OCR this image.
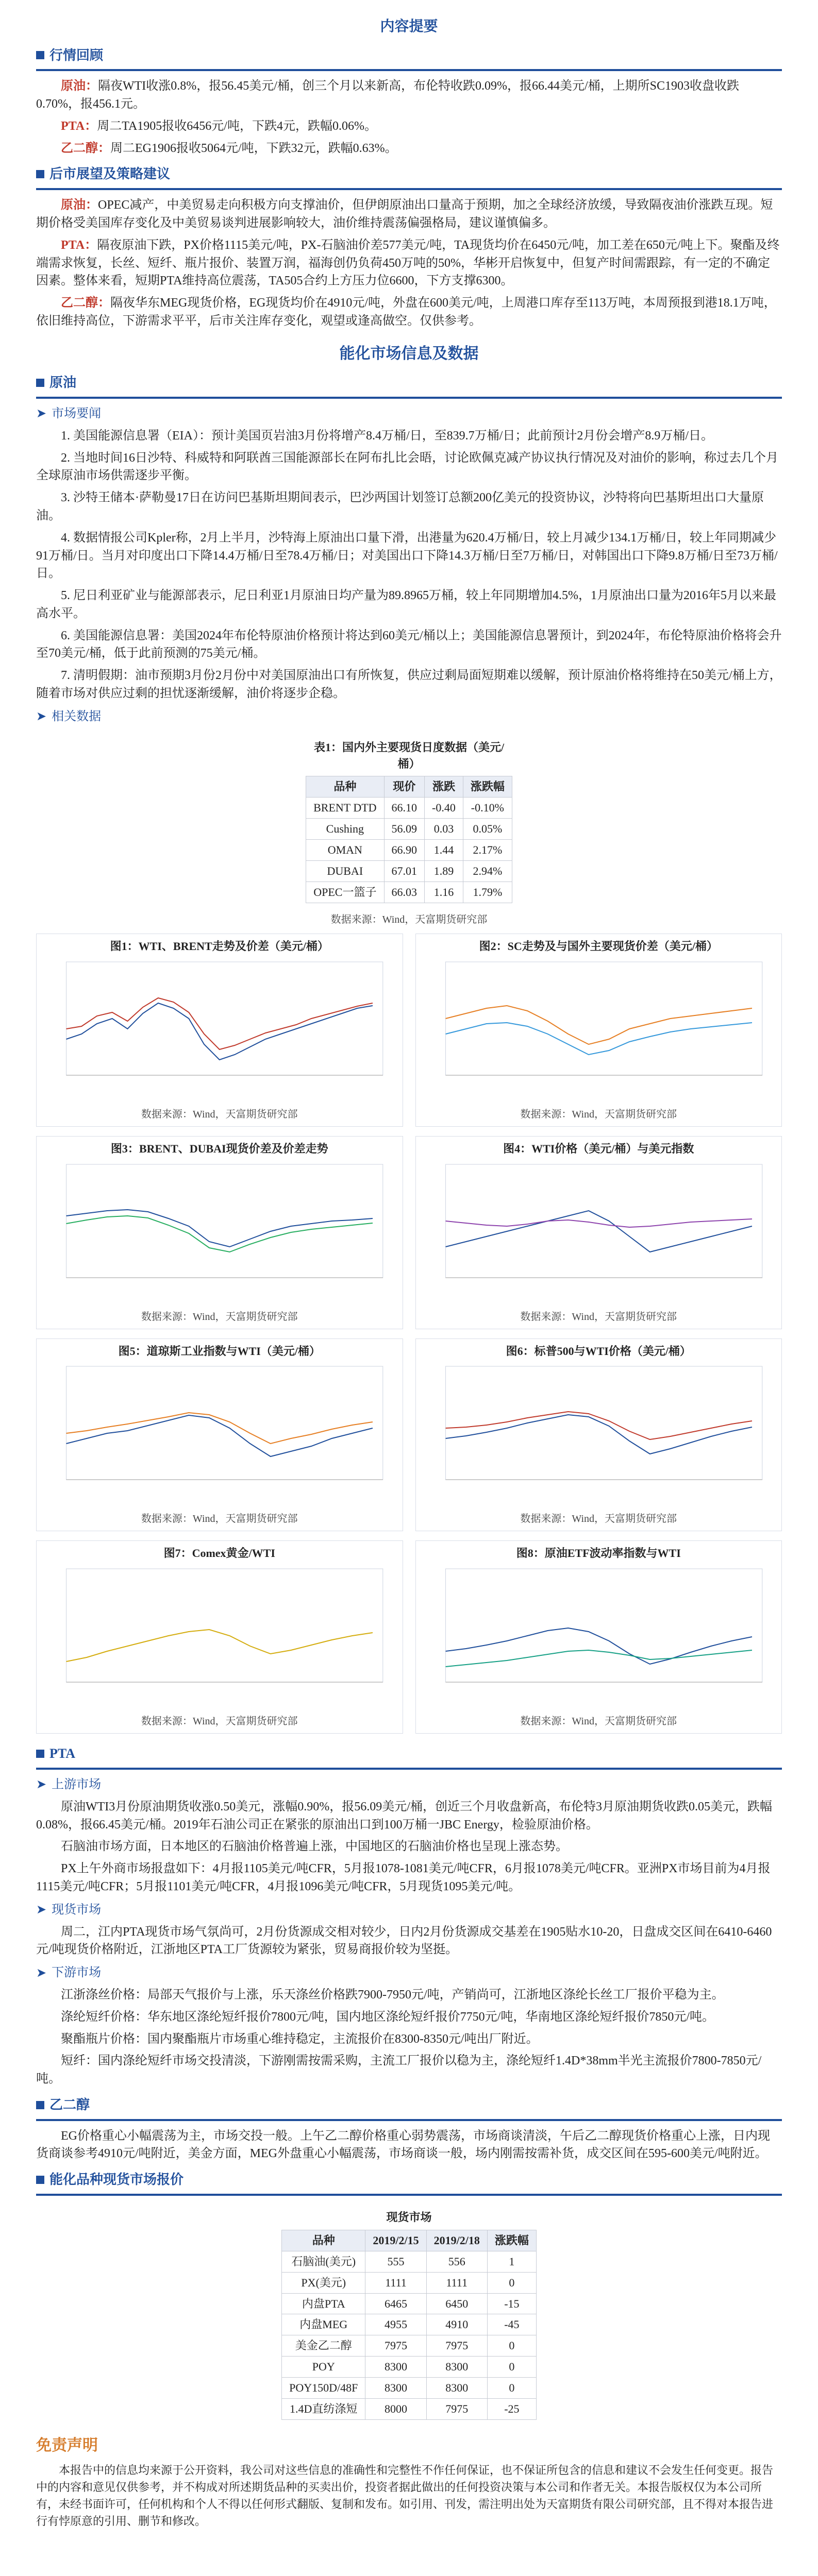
内容提要
行情回顾

原油：隔夜WTI收涨0.8%，报56.45美元/桶，创三个月以来新高，布伦特收跌0.09%，报66.44美元/桶，上期所SC1903收盘收跌0.70%，报456.1元。

PTA：周二TA1905报收6456元/吨，下跌4元，跌幅0.06%。

乙二醇：周二EG1906报收5064元/吨，下跌32元，跌幅0.63%。

后市展望及策略建议

原油：OPEC减产，中美贸易走向积极方向支撑油价，但伊朗原油出口量高于预期，加之全球经济放缓，导致隔夜油价涨跌互现。短期价格受美国库存变化及中美贸易谈判进展影响较大，油价维持震荡偏强格局，建议谨慎偏多。

PTA：隔夜原油下跌，PX价格1115美元/吨，PX-石脑油价差577美元/吨，TA现货均价在6450元/吨，加工差在650元/吨上下。聚酯及终端需求恢复，长丝、短纤、瓶片报价、装置万润，福海创仍负荷450万吨的50%，华彬开启恢复中，但复产时间需跟踪，有一定的不确定因素。整体来看，短期PTA维持高位震荡，TA505合约上方压力位6600，下方支撑6300。

乙二醇：隔夜华东MEG现货价格，EG现货均价在4910元/吨，外盘在600美元/吨，上周港口库存至113万吨，本周预报到港18.1万吨，依旧维持高位，下游需求平平，后市关注库存变化，观望或逢高做空。仅供参考。

能化市场信息及数据
原油
➤ 市场要闻

1. 美国能源信息署（EIA）：预计美国页岩油3月份将增产8.4万桶/日，至839.7万桶/日；此前预计2月份会增产8.9万桶/日。

2. 当地时间16日沙特、科威特和阿联酋三国能源部长在阿布扎比会晤，讨论欧佩克减产协议执行情况及对油价的影响，称过去几个月全球原油市场供需逐步平衡。

3. 沙特王储本·萨勒曼17日在访问巴基斯坦期间表示，巴沙两国计划签订总额200亿美元的投资协议，沙特将向巴基斯坦出口大量原油。

4. 数据情报公司Kpler称，2月上半月，沙特海上原油出口量下滑，出港量为620.4万桶/日，较上月减少134.1万桶/日，较上年同期减少91万桶/日。当月对印度出口下降14.4万桶/日至78.4万桶/日；对美国出口下降14.3万桶/日至7万桶/日，对韩国出口下降9.8万桶/日至73万桶/日。

5. 尼日利亚矿业与能源部表示，尼日利亚1月原油日均产量为89.8965万桶，较上年同期增加4.5%，1月原油出口量为2016年5月以来最高水平。

6. 美国能源信息署：美国2024年布伦特原油价格预计将达到60美元/桶以上；美国能源信息署预计，到2024年，布伦特原油价格将会升至70美元/桶，低于此前预测的75美元/桶。

7. 清明假期：油市预期3月份2月份中对美国原油出口有所恢复，供应过剩局面短期难以缓解，预计原油价格将维持在50美元/桶上方，随着市场对供应过剩的担忧逐渐缓解，油价将逐步企稳。

➤ 相关数据
表1：国内外主要现货日度数据（美元/桶）
品种	现价	涨跌	涨跌幅
BRENT DTD	66.10	-0.40	-0.10%
Cushing	56.09	0.03	0.05%
OMAN	66.90	1.44	2.17%
DUBAI	67.01	1.89	2.94%
OPEC一篮子	66.03	1.16	1.79%
数据来源：Wind，天富期货研究部
图1：WTI、BRENT走势及价差（美元/桶）
数据来源：Wind，天富期货研究部
图2：SC走势及与国外主要现货价差（美元/桶）
数据来源：Wind，天富期货研究部
图3：BRENT、DUBAI现货价差及价差走势
数据来源：Wind，天富期货研究部
图4：WTI价格（美元/桶）与美元指数
数据来源：Wind，天富期货研究部
图5：道琼斯工业指数与WTI（美元/桶）
数据来源：Wind，天富期货研究部
图6：标普500与WTI价格（美元/桶）
数据来源：Wind，天富期货研究部
图7：Comex黄金/WTI
数据来源：Wind，天富期货研究部
图8：原油ETF波动率指数与WTI
数据来源：Wind，天富期货研究部
PTA
➤ 上游市场

原油WTI3月份原油期货收涨0.50美元，涨幅0.90%，报56.09美元/桶，创近三个月收盘新高，布伦特3月原油期货收跌0.05美元，跌幅0.08%，报66.45美元/桶。2019年石油公司正在紧张的原油出口到100万桶一JBC Energy，检验原油价格。

石脑油市场方面，日本地区的石脑油价格普遍上涨，中国地区的石脑油价格也呈现上涨态势。

PX上午外商市场报盘如下：4月报1105美元/吨CFR，5月报1078-1081美元/吨CFR，6月报1078美元/吨CFR。亚洲PX市场目前为4月报1115美元/吨CFR；5月报1101美元/吨CFR，4月报1096美元/吨CFR，5月现货1095美元/吨。

➤ 现货市场

周二，江内PTA现货市场气氛尚可，2月份货源成交相对较少，日内2月份货源成交基差在1905贴水10-20，日盘成交区间在6410-6460元/吨现货价格附近，江浙地区PTA工厂货源较为紧张，贸易商报价较为坚挺。

➤ 下游市场

江浙涤丝价格：局部天气报价与上涨，乐天涤丝价格跌7900-7950元/吨，产销尚可，江浙地区涤纶长丝工厂报价平稳为主。

涤纶短纤价格：华东地区涤纶短纤报价7800元/吨，国内地区涤纶短纤报价7750元/吨，华南地区涤纶短纤报价7850元/吨。

聚酯瓶片价格：国内聚酯瓶片市场重心维持稳定，主流报价在8300-8350元/吨出厂附近。

短纤：国内涤纶短纤市场交投清淡，下游刚需按需采购，主流工厂报价以稳为主，涤纶短纤1.4D*38mm半光主流报价7800-7850元/吨。

乙二醇

EG价格重心小幅震荡为主，市场交投一般。上午乙二醇价格重心弱势震荡，市场商谈清淡，午后乙二醇现货价格重心上涨，日内现货商谈参考4910元/吨附近，美金方面，MEG外盘重心小幅震荡，市场商谈一般，场内刚需按需补货，成交区间在595-600美元/吨附近。

能化品种现货市场报价
现货市场
品种	2019/2/15	2019/2/18	涨跌幅
石脑油(美元)	555	556	1
PX(美元)	1111	1111	0
内盘PTA	6465	6450	-15
内盘MEG	4955	4910	-45
美金乙二醇	7975	7975	0
POY	8300	8300	0
POY150D/48F	8300	8300	0
1.4D直纺涤短	8000	7975	-25
免责声明
本报告中的信息均来源于公开资料，我公司对这些信息的准确性和完整性不作任何保证，也不保证所包含的信息和建议不会发生任何变更。报告中的内容和意见仅供参考，并不构成对所述期货品种的买卖出价，投资者据此做出的任何投资决策与本公司和作者无关。本报告版权仅为本公司所有，未经书面许可，任何机构和个人不得以任何形式翻版、复制和发布。如引用、刊发，需注明出处为天富期货有限公司研究部，且不得对本报告进行有悖原意的引用、删节和修改。
